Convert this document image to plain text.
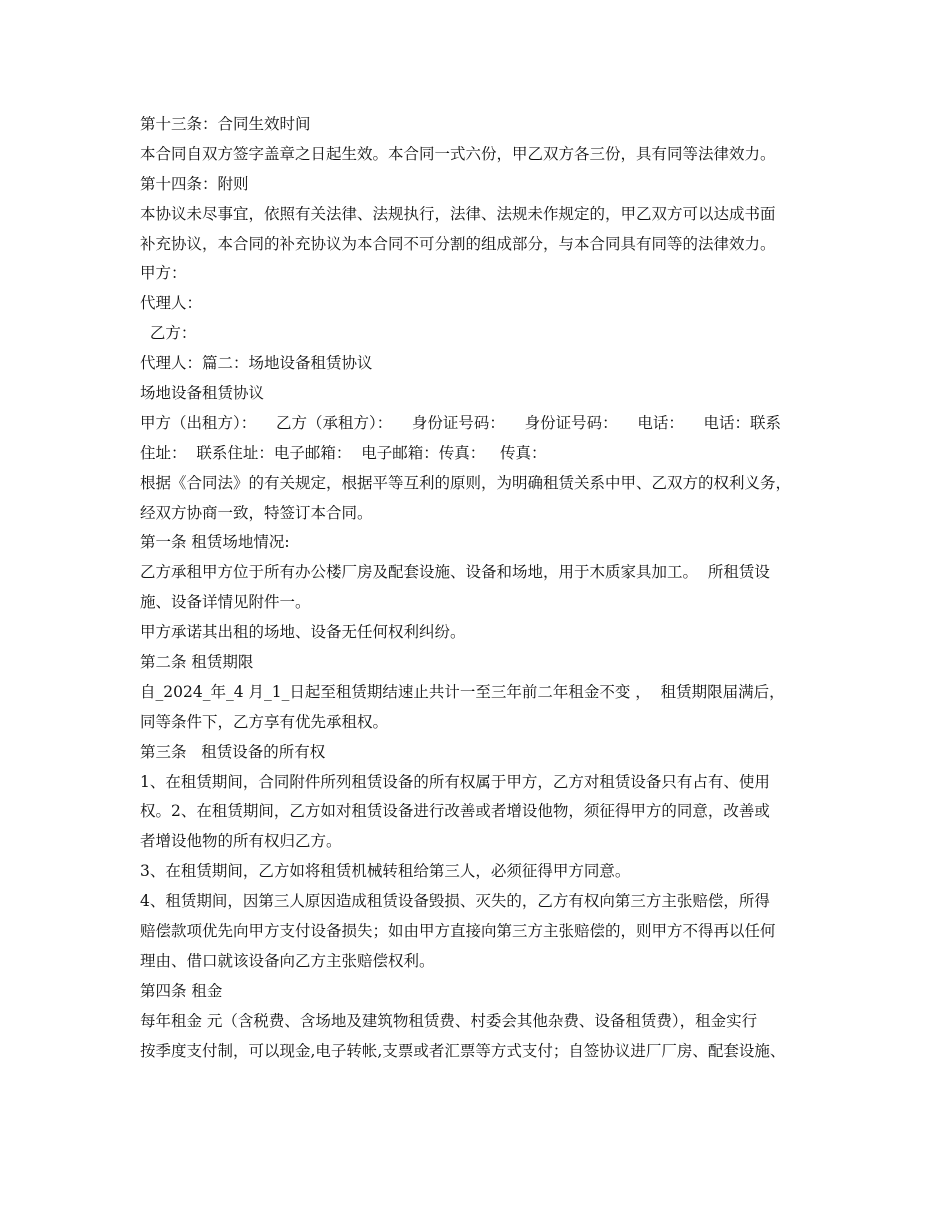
第十三条：合同生效时间
本合同自双方签字盖章之日起生效。本合同一式六份，甲乙双方各三份，具有同等法律效力。
第十四条：附则
本协议未尽事宜，依照有关法律、法规执行，法律、法规未作规定的，甲乙双方可以达成书面
补充协议，本合同的补充协议为本合同不可分割的组成部分，与本合同具有同等的法律效力。
甲方：
代理人：
乙方：
代理人：篇二：场地设备租赁协议
场地设备租赁协议
甲方（出租方）：    乙方（承租方）：    身份证号码：    身份证号码：    电话：    电话：联系
住址：  联系住址：电子邮箱：  电子邮箱：传真：   传真：
根据《合同法》的有关规定，根据平等互利的原则，为明确租赁关系中甲、乙双方的权利义务，
经双方协商一致，特签订本合同。
第一条 租赁场地情况:
乙方承租甲方位于所有办公楼厂房及配套设施、设备和场地，用于木质家具加工。  所租赁设
施、设备详情见附件一。
甲方承诺其出租的场地、设备无任何权利纠纷。
第二条 租赁期限
自_2024_年_4 月_1_日起至租赁期结速止共计一至三年前二年租金不变 ，  租赁期限届满后，
同等条件下，乙方享有优先承租权。
第三条   租赁设备的所有权
1、在租赁期间，合同附件所列租赁设备的所有权属于甲方，乙方对租赁设备只有占有、使用
权。2、在租赁期间，乙方如对租赁设备进行改善或者增设他物，须征得甲方的同意，改善或
者增设他物的所有权归乙方。
3、在租赁期间，乙方如将租赁机械转租给第三人，必须征得甲方同意。
4、租赁期间，因第三人原因造成租赁设备毁损、灭失的，乙方有权向第三方主张赔偿，所得
赔偿款项优先向甲方支付设备损失；如由甲方直接向第三方主张赔偿的，则甲方不得再以任何
理由、借口就该设备向乙方主张赔偿权利。
第四条 租金
每年租金 元（含税费、含场地及建筑物租赁费、村委会其他杂费、设备租赁费），租金实行
按季度支付制，可以现金,电子转帐,支票或者汇票等方式支付；自签协议进厂厂房、配套设施、
